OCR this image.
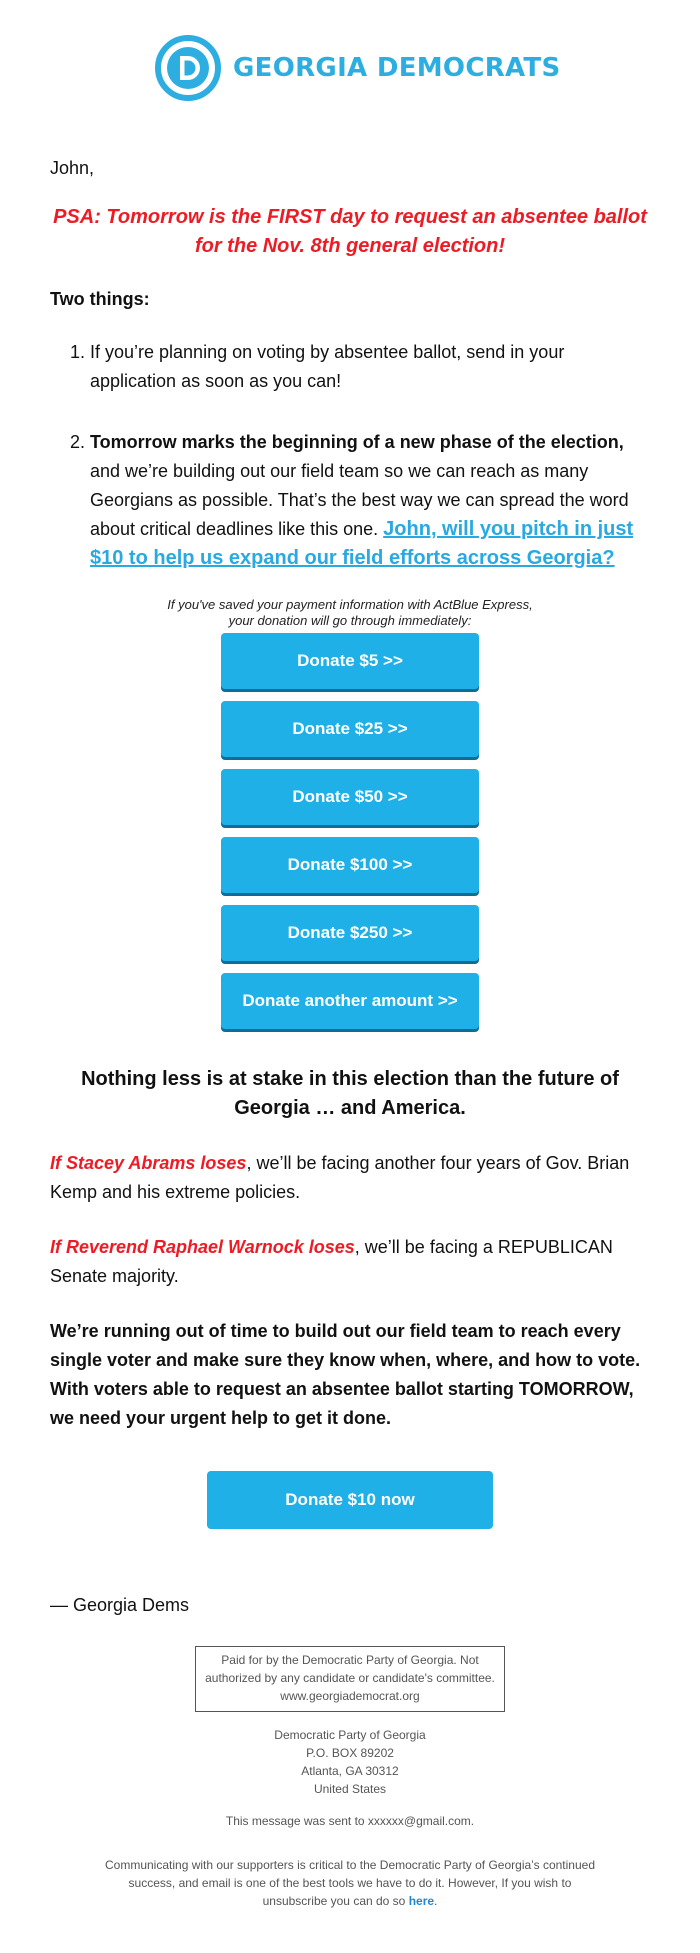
GEORGIA DEMOCRATS

John,

PSA: Tomorrow is the FIRST day to request an absentee ballot for the Nov. 8th general election!

Two things:

1. If you’re planning on voting by absentee ballot, send in your application as soon as you can!
2. Tomorrow marks the beginning of a new phase of the election, and we’re building out our field team so we can reach as many Georgians as possible. That’s the best way we can spread the word about critical deadlines like this one. John, will you pitch in just $10 to help us expand our field efforts across Georgia?

If you've saved your payment information with ActBlue Express,
your donation will go through immediately:

Donate $5 >>
Donate $25 >>
Donate $50 >>
Donate $100 >>
Donate $250 >>
Donate another amount >>

Nothing less is at stake in this election than the future of Georgia … and America.

If Stacey Abrams loses, we’ll be facing another four years of Gov. Brian Kemp and his extreme policies.

If Reverend Raphael Warnock loses, we’ll be facing a REPUBLICAN Senate majority.

We’re running out of time to build out our field team to reach every single voter and make sure they know when, where, and how to vote. With voters able to request an absentee ballot starting TOMORROW, we need your urgent help to get it done.

Donate $10 now

— Georgia Dems

Paid for by the Democratic Party of Georgia. Not
authorized by any candidate or candidate's committee.
www.georgiademocrat.org
Democratic Party of Georgia
P.O. BOX 89202
Atlanta, GA 30312
United States
This message was sent to xxxxxx@gmail.com.
Communicating with our supporters is critical to the Democratic Party of Georgia’s continued success, and email is one of the best tools we have to do it. However, If you wish to unsubscribe you can do so here.
